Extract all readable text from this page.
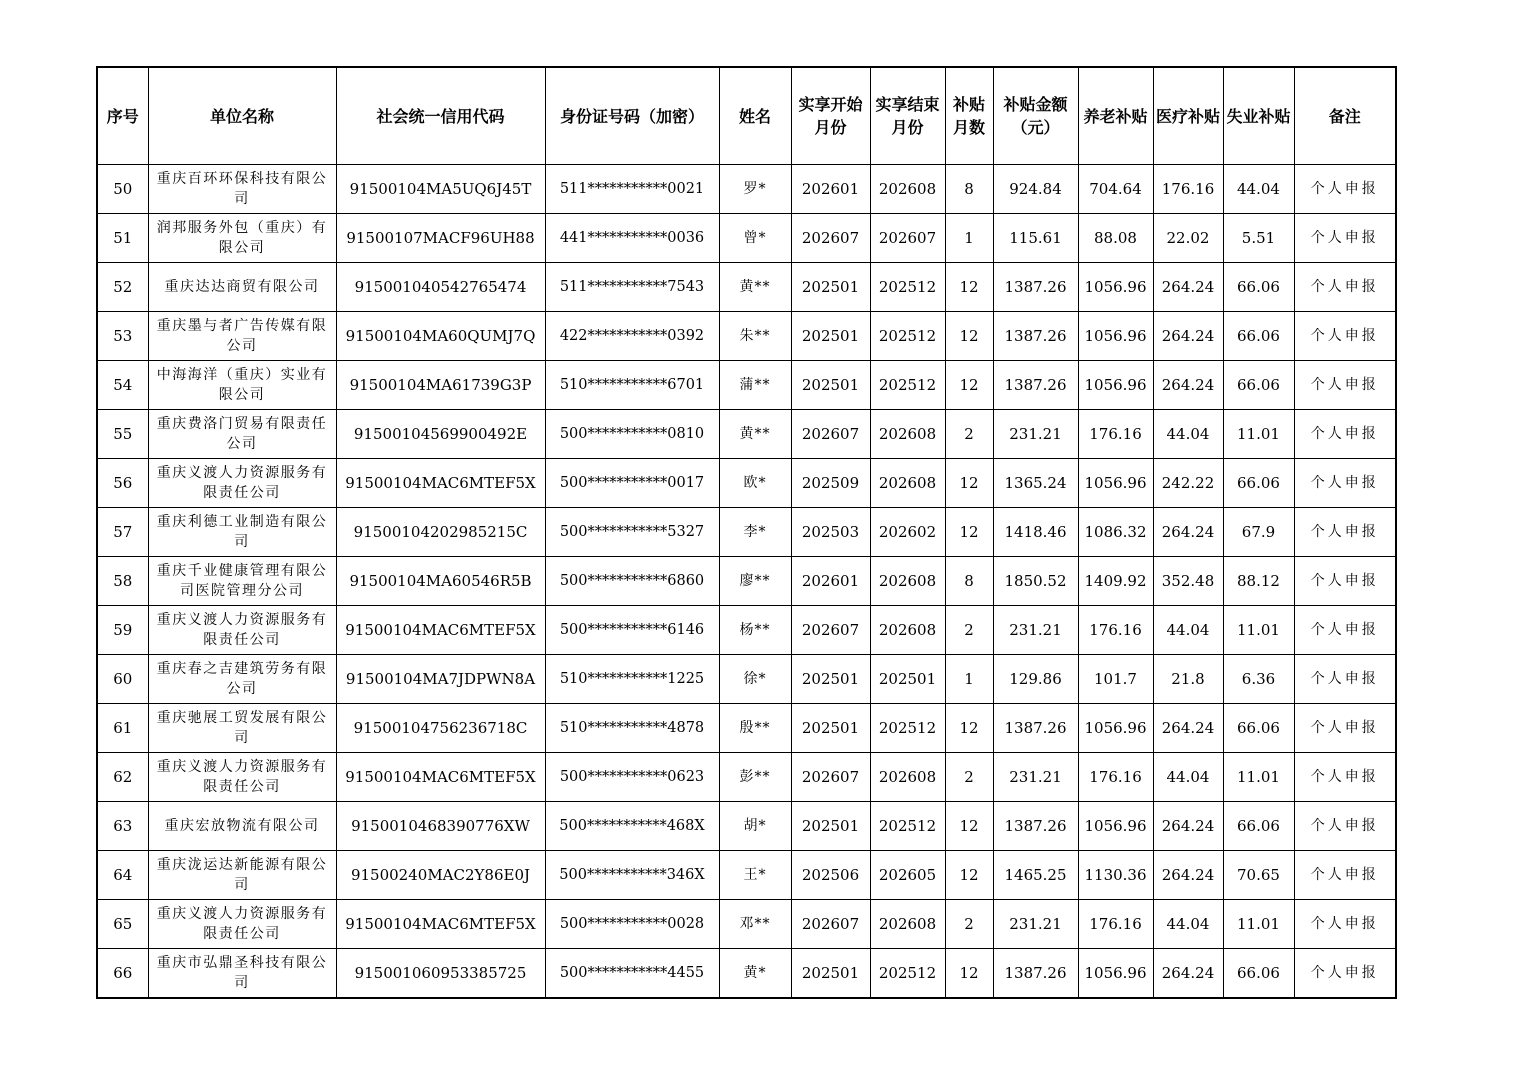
序号	单位名称	社会统一信用代码	身份证号码（加密）	姓名	实享开始月份	实享结束月份	补贴月数	补贴金额（元）	养老补贴	医疗补贴	失业补贴	备注
50	重庆百环环保科技有限公司	91500104MA5UQ6J45T	511***********0021	罗*	202601	202608	8	924.84	704.64	176.16	44.04	个人申报
51	润邦服务外包（重庆）有限公司	91500107MACF96UH88	441***********0036	曾*	202607	202607	1	115.61	88.08	22.02	5.51	个人申报
52	重庆达达商贸有限公司	915001040542765474	511***********7543	黄**	202501	202512	12	1387.26	1056.96	264.24	66.06	个人申报
53	重庆墨与者广告传媒有限公司	91500104MA60QUMJ7Q	422***********0392	朱**	202501	202512	12	1387.26	1056.96	264.24	66.06	个人申报
54	中海海洋（重庆）实业有限公司	91500104MA61739G3P	510***********6701	蒲**	202501	202512	12	1387.26	1056.96	264.24	66.06	个人申报
55	重庆费洛门贸易有限责任公司	91500104569900492E	500***********0810	黄**	202607	202608	2	231.21	176.16	44.04	11.01	个人申报
56	重庆义渡人力资源服务有限责任公司	91500104MAC6MTEF5X	500***********0017	欧*	202509	202608	12	1365.24	1056.96	242.22	66.06	个人申报
57	重庆利德工业制造有限公司	91500104202985215C	500***********5327	李*	202503	202602	12	1418.46	1086.32	264.24	67.9	个人申报
58	重庆千业健康管理有限公司医院管理分公司	91500104MA60546R5B	500***********6860	廖**	202601	202608	8	1850.52	1409.92	352.48	88.12	个人申报
59	重庆义渡人力资源服务有限责任公司	91500104MAC6MTEF5X	500***********6146	杨**	202607	202608	2	231.21	176.16	44.04	11.01	个人申报
60	重庆春之吉建筑劳务有限公司	91500104MA7JDPWN8A	510***********1225	徐*	202501	202501	1	129.86	101.7	21.8	6.36	个人申报
61	重庆驰展工贸发展有限公司	91500104756236718C	510***********4878	殷**	202501	202512	12	1387.26	1056.96	264.24	66.06	个人申报
62	重庆义渡人力资源服务有限责任公司	91500104MAC6MTEF5X	500***********0623	彭**	202607	202608	2	231.21	176.16	44.04	11.01	个人申报
63	重庆宏放物流有限公司	9150010468390776XW	500***********468X	胡*	202501	202512	12	1387.26	1056.96	264.24	66.06	个人申报
64	重庆泷运达新能源有限公司	91500240MAC2Y86E0J	500***********346X	王*	202506	202605	12	1465.25	1130.36	264.24	70.65	个人申报
65	重庆义渡人力资源服务有限责任公司	91500104MAC6MTEF5X	500***********0028	邓**	202607	202608	2	231.21	176.16	44.04	11.01	个人申报
66	重庆市弘鼎圣科技有限公司	915001060953385725	500***********4455	黄*	202501	202512	12	1387.26	1056.96	264.24	66.06	个人申报
